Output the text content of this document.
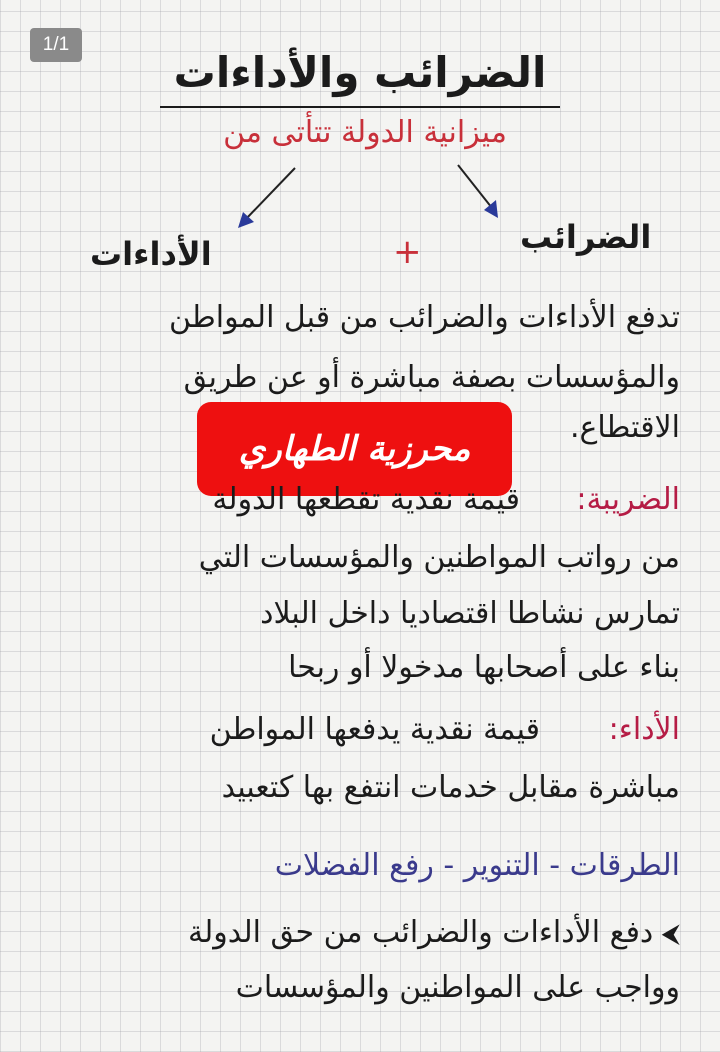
1/1
الضرائب والأداءات
ميزانية الدولة تتأتى من
الأداءات	+	الضرائب
تدفع الأداءات والضرائب من قبل المواطن
والمؤسسات بصفة مباشرة أو عن طريق
الاقتطاع.
محرزية الطهاري
الضريبة:
قيمة نقدية تقطعها الدولة
من رواتب المواطنين والمؤسسات التي
تمارس نشاطا اقتصاديا داخل البلاد
بناء على أصحابها مدخولا أو ربحا
الأداء:
قيمة نقدية يدفعها المواطن
مباشرة مقابل خدمات انتفع بها كتعبيد
الطرقات - التنوير - رفع الفضلات
⮜ دفع الأداءات والضرائب من حق الدولة
وواجب على المواطنين والمؤسسات
